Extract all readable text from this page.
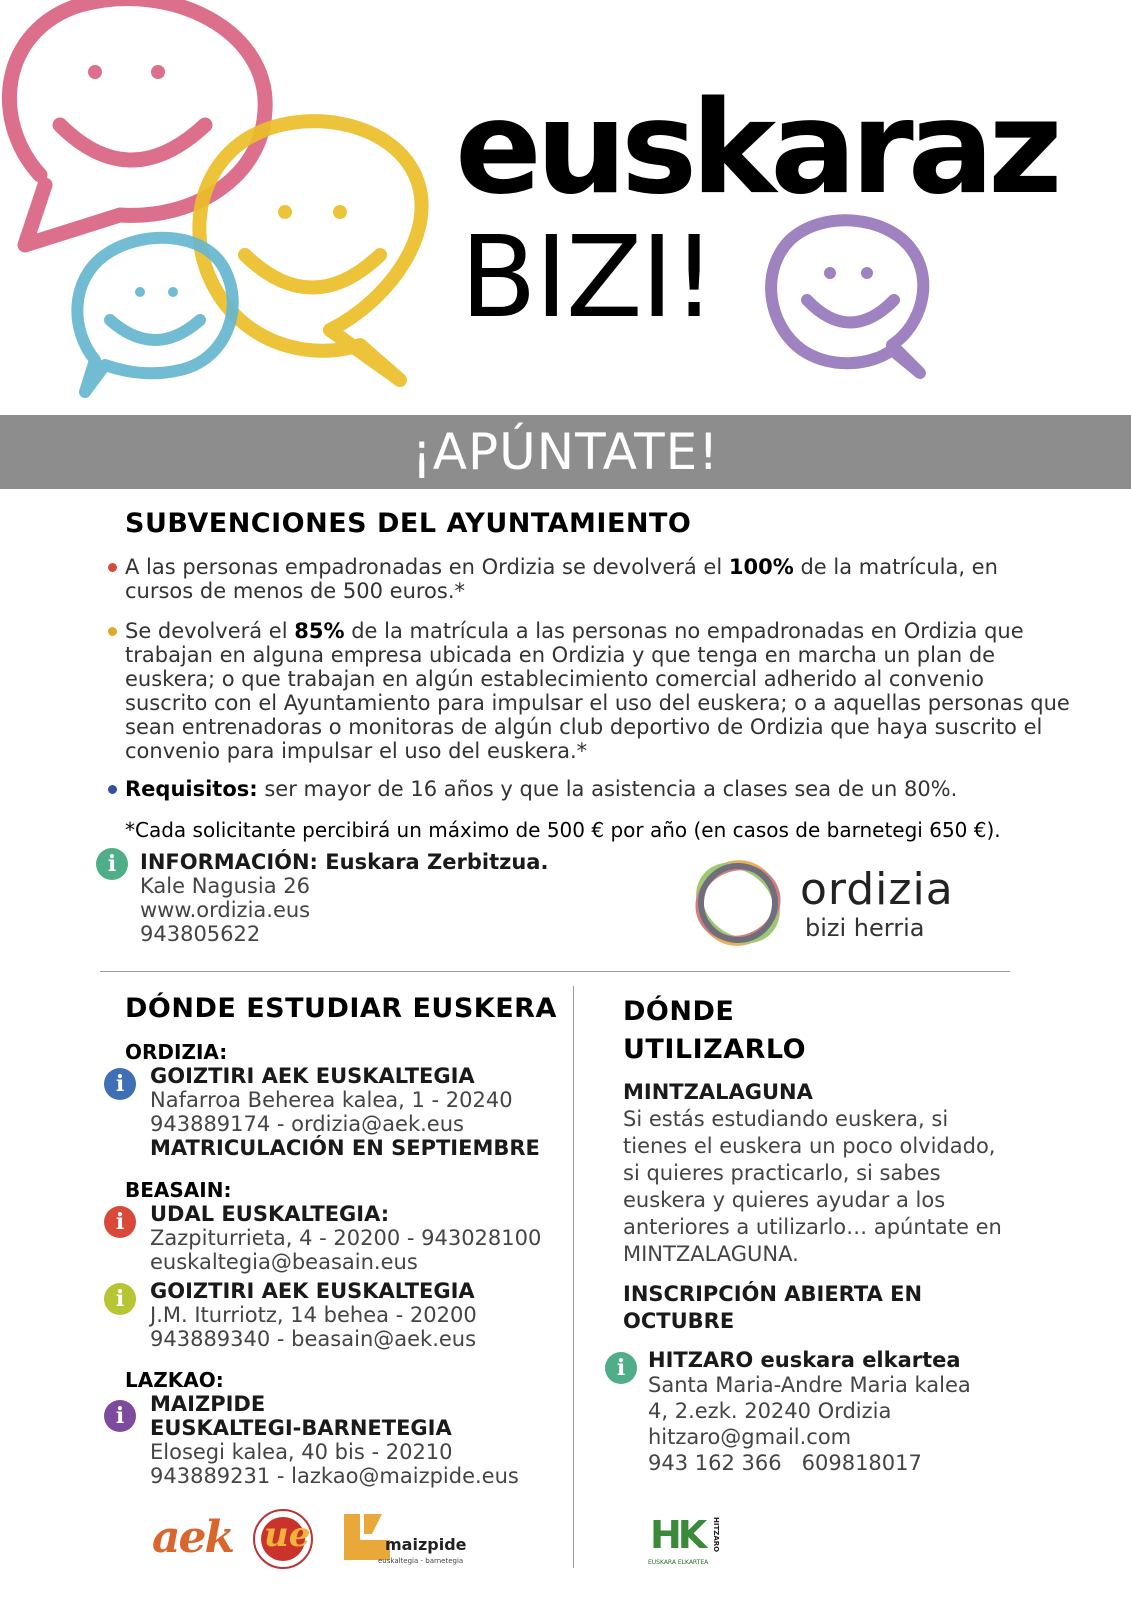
euskaraz
BIZI!
¡APÚNTATE!
SUBVENCIONES DEL AYUNTAMIENTO
A las personas empadronadas en Ordizia se devolverá el 100% de la matrícula, en cursos de menos de 500 euros.*
Se devolverá el 85% de la matrícula a las personas no empadronadas en Ordizia que trabajan en alguna empresa ubicada en Ordizia y que tenga en marcha un plan de euskera; o que trabajan en algún establecimiento comercial adherido al convenio suscrito con el Ayuntamiento para impulsar el uso del euskera; o a aquellas personas que sean entrenadoras o monitoras de algún club deportivo de Ordizia que haya suscrito el convenio para impulsar el uso del euskera.*
Requisitos: ser mayor de 16 años y que la asistencia a clases sea de un 80%.
*Cada solicitante percibirá un máximo de 500 € por año (en casos de barnetegi 650 €).
i	INFORMACIÓN: Euskara Zerbitzua.
Kale Nagusia 26
www.ordizia.eus
943805622
ordizia
bizi herria
DÓNDE ESTUDIAR EUSKERA
ORDIZIA:
i	GOIZTIRI AEK EUSKALTEGIA
Nafarroa Beherea kalea, 1 - 20240
943889174 - ordizia@aek.eus
MATRICULACIÓN EN SEPTIEMBRE
BEASAIN:
i	UDAL EUSKALTEGIA:
Zazpiturrieta, 4 - 20200 - 943028100
euskaltegia@beasain.eus
i	GOIZTIRI AEK EUSKALTEGIA
J.M. Iturriotz, 14 behea - 20200
943889340 - beasain@aek.eus
LAZKAO:
i	MAIZPIDE
EUSKALTEGI-BARNETEGIA
Elosegi kalea, 40 bis - 20210
943889231 - lazkao@maizpide.eus
aek ue	maizpide
euskaltegia - barnetegia
DÓNDE
UTILIZARLO
MINTZALAGUNA
Si estás estudiando euskera, si tienes el euskera un poco olvidado, si quieres practicarlo, si sabes euskera y quieres ayudar a los anteriores a utilizarlo… apúntate en MINTZALAGUNA.
INSCRIPCIÓN ABIERTA EN OCTUBRE
i	HITZARO euskara elkartea
Santa Maria-Andre Maria kalea
4, 2.ezk. 20240 Ordizia
hitzaro@gmail.com
943 162 366   609818017
HK HITZARO
EUSKARA ELKARTEA
